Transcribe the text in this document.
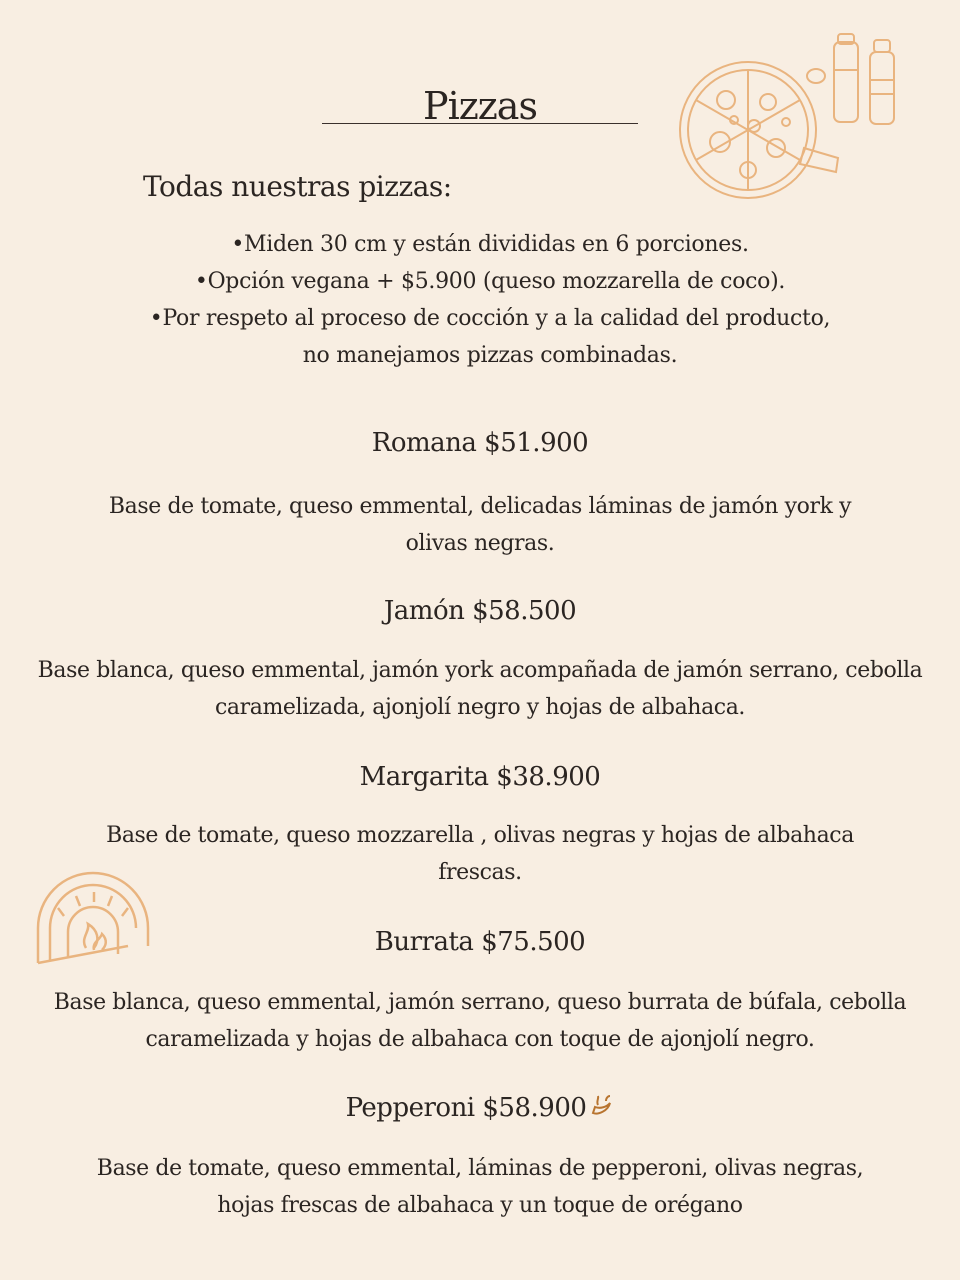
Pizzas
Todas nuestras pizzas:
•Miden 30 cm y están divididas en 6 porciones.
•Opción vegana + $5.900 (queso mozzarella de coco).
•Por respeto al proceso de cocción y a la calidad del producto,
no manejamos pizzas combinadas.
Romana $51.900
Base de tomate, queso emmental, delicadas láminas de jamón york y
olivas negras.
Jamón $58.500
Base blanca, queso emmental, jamón york acompañada de jamón serrano, cebolla
caramelizada, ajonjolí negro y hojas de albahaca.
Margarita $38.900
Base de tomate, queso mozzarella , olivas negras y hojas de albahaca
frescas.
Burrata $75.500
Base blanca, queso emmental, jamón serrano, queso burrata de búfala, cebolla
caramelizada y hojas de albahaca con toque de ajonjolí negro.
Pepperoni $58.900
Base de tomate, queso emmental, láminas de pepperoni, olivas negras,
hojas frescas de albahaca y un toque de orégano
